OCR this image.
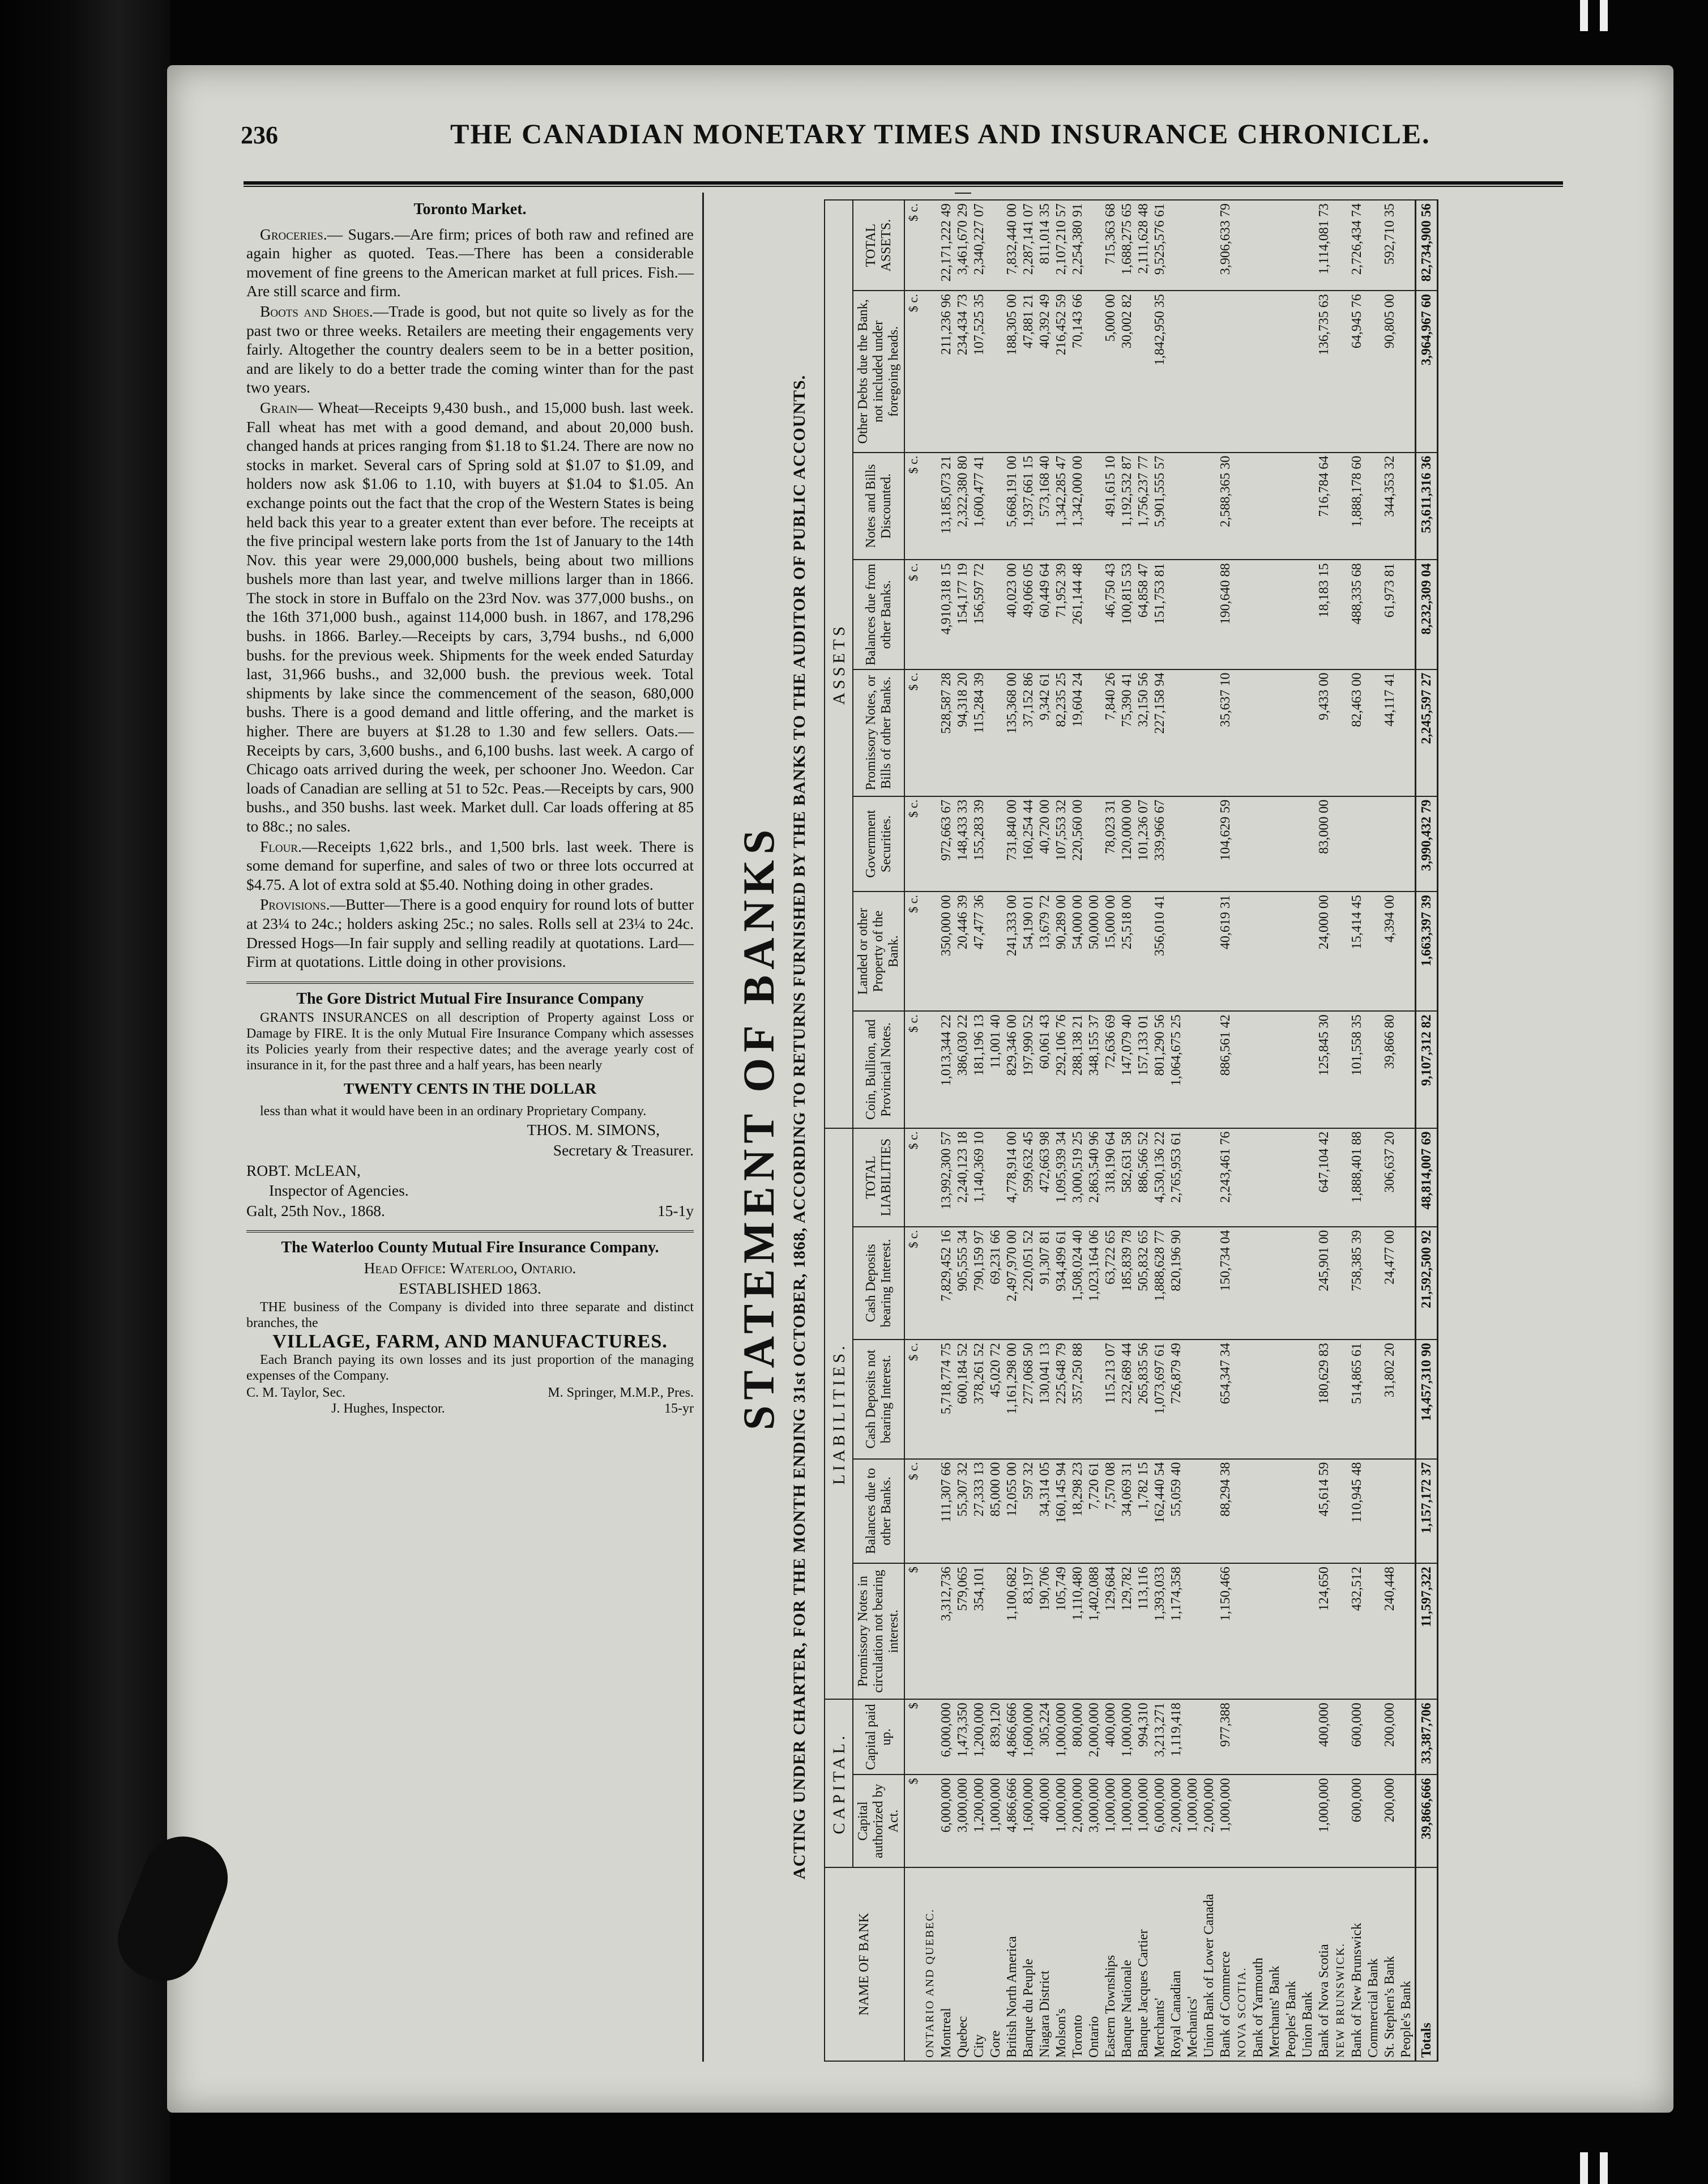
236	THE CANADIAN MONETARY TIMES AND INSURANCE CHRONICLE.

Toronto Market.

Groceries.— Sugars.—Are firm; prices of both raw and refined are again higher as quoted. Teas.—There has been a considerable movement of fine greens to the American market at full prices. Fish.—Are still scarce and firm.

Boots and Shoes.—Trade is good, but not quite so lively as for the past two or three weeks. Retailers are meeting their engagements very fairly. Altogether the country dealers seem to be in a better position, and are likely to do a better trade the coming winter than for the past two years.

Grain— Wheat—Receipts 9,430 bush., and 15,000 bush. last week. Fall wheat has met with a good demand, and about 20,000 bush. changed hands at prices ranging from $1.18 to $1.24. There are now no stocks in market. Several cars of Spring sold at $1.07 to $1.09, and holders now ask $1.06 to 1.10, with buyers at $1.04 to $1.05. An exchange points out the fact that the crop of the Western States is being held back this year to a greater extent than ever before. The receipts at the five principal western lake ports from the 1st of January to the 14th Nov. this year were 29,000,000 bushels, being about two millions bushels more than last year, and twelve millions larger than in 1866. The stock in store in Buffalo on the 23rd Nov. was 377,000 bushs., on the 16th 371,000 bush., against 114,000 bush. in 1867, and 178,296 bushs. in 1866. Barley.—Receipts by cars, 3,794 bushs., nd 6,000 bushs. for the previous week. Shipments for the week ended Saturday last, 31,966 bushs., and 32,000 bush. the previous week. Total shipments by lake since the commencement of the season, 680,000 bushs. There is a good demand and little offering, and the market is higher. There are buyers at $1.28 to 1.30 and few sellers. Oats.—Receipts by cars, 3,600 bushs., and 6,100 bushs. last week. A cargo of Chicago oats arrived during the week, per schooner Jno. Weedon. Car loads of Canadian are selling at 51 to 52c. Peas.—Receipts by cars, 900 bushs., and 350 bushs. last week. Market dull. Car loads offering at 85 to 88c.; no sales.

Flour.—Receipts 1,622 brls., and 1,500 brls. last week. There is some demand for superfine, and sales of two or three lots occurred at $4.75. A lot of extra sold at $5.40. Nothing doing in other grades.

Provisions.—Butter—There is a good enquiry for round lots of butter at 23¼ to 24c.; holders asking 25c.; no sales. Rolls sell at 23¼ to 24c. Dressed Hogs—In fair supply and selling readily at quotations. Lard—Firm at quotations. Little doing in other provisions.

The Gore District Mutual Fire Insurance Company

GRANTS INSURANCES on all description of Property against Loss or Damage by FIRE. It is the only Mutual Fire Insurance Company which assesses its Policies yearly from their respective dates; and the average yearly cost of insurance in it, for the past three and a half years, has been nearly

TWENTY CENTS IN THE DOLLAR

less than what it would have been in an ordinary Proprietary Company.

THOS. M. SIMONS,

Secretary & Treasurer.

ROBT. McLEAN,

Inspector of Agencies.

Galt, 25th Nov., 1868.	15-1y

The Waterloo County Mutual Fire Insurance Company.

Head Office: Waterloo, Ontario.

ESTABLISHED 1863.

THE business of the Company is divided into three separate and distinct branches, the

VILLAGE, FARM, AND MANUFACTURES.

Each Branch paying its own losses and its just proportion of the managing expenses of the Company.

C. M. Taylor, Sec.	M. Springer, M.M.P., Pres.
J. Hughes, Inspector.	15-yr STATEMENT OF BANKS ACTING UNDER CHARTER, FOR THE MONTH ENDING 31st OCTOBER, 1868, ACCORDING TO RETURNS FURNISHED BY THE BANKS TO THE AUDITOR OF PUBLIC ACCOUNTS.
NAME OF BANK	CAPITAL.		LIABILITIES.					ASSETS								
	Capital authorized by Act.	Capital paid up.	Promissory Notes in circulation not bearing interest.	Balances due to other Banks.	Cash Deposits not bearing Interest.	Cash Deposits bearing Interest.	TOTAL LIABILITIES	Coin, Bullion, and Provincial Notes.	Landed or other Property of the Bank.	Government Securities.	Promissory Notes, or Bills of other Banks.	Balances due from other Banks.	Notes and Bills Discounted.	Other Debts due the Bank, not included under foregoing heads.	TOTAL ASSETS.	
	$	$	$	$ c.	$ c.	$ c.	$ c.	$ c.	$ c.	$ c.	$ c.	$ c.	$ c.	$ c.	$ c.	
ONTARIO AND QUEBEC.																
Montreal	6,000,000	6,000,000	3,312,736	111,307 66	5,718,774 75	7,829,452 16	13,992,300 57	1,013,344 22	350,000 00	972,663 67	528,587 28	4,910,318 15	13,185,073 21	211,236 96	22,171,222 49	
Quebec	3,000,000	1,473,350	579,065	55,307 32	600,184 52	905,555 34	2,240,123 18	386,030 22	20,446 39	148,433 33	94,318 20	154,177 19	2,322,380 80	234,434 73	3,461,670 29	
City	1,200,000	1,200,000	354,101	27,333 13	378,261 52	790,159 97	1,140,369 10	181,196 13	47,477 36	155,283 39	115,284 39	156,597 72	1,600,477 41	107,525 35	2,340,227 07	
Gore	1,000,000	839,120		85,000 00	45,020 72	69,231 66		11,001 40								
British North America	4,866,666	4,866,666	1,100,682	12,055 00	1,161,298 00	2,497,970 00	4,778,914 00	829,346 00	241,333 00	731,840 00	135,368 00	40,023 00	5,668,191 00	188,305 00	7,832,440 00	
Banque du Peuple	1,600,000	1,600,000	83,197	597 32	277,068 50	220,051 52	599,632 45	197,990 52	54,190 01	160,254 44	37,152 86	49,066 05	1,937,661 15	47,881 21	2,287,141 07	
Niagara District	400,000	305,224	190,706	34,314 05	130,041 13	91,307 81	472,663 98	60,061 43	13,679 72	40,720 00	9,342 61	60,449 64	573,168 40	40,392 49	811,014 35	
Molson's	1,000,000	1,000,000	105,749	160,145 94	225,648 79	934,499 61	1,095,939 34	292,106 76	90,289 00	107,553 32	82,235 25	71,952 39	1,342,285 47	216,452 59	2,107,210 57	
Toronto	2,000,000	800,000	1,110,480	18,298 23	357,250 88	1,508,024 40	3,000,519 25	288,138 21	54,000 00	220,560 00	19,604 24	261,144 48	1,342,000 00	70,143 66	2,254,380 91	
Ontario	3,000,000	2,000,000	1,402,088	7,720 61		1,023,164 06	2,863,540 96	348,155 37	50,000 00							
Eastern Townships	1,000,000	400,000	129,684	7,570 08	115,213 07	63,722 65	318,190 64	72,636 69	15,000 00	78,023 31	7,840 26	46,750 43	491,615 10	5,000 00	715,363 68	
Banque Nationale	1,000,000	1,000,000	129,782	34,069 31	232,689 44	185,839 78	582,631 58	147,079 40	25,518 00	120,000 00	75,390 41	100,815 53	1,192,532 87	30,002 82	1,688,275 65	
Banque Jacques Cartier	1,000,000	994,310	113,116	1,782 15	265,835 56	505,832 65	886,566 52	157,133 01		101,236 07	32,150 56	64,858 47	1,756,237 77		2,111,628 48	
Merchants'	6,000,000	3,213,271	1,393,033	162,440 54	1,073,697 61	1,888,628 77	4,530,136 22	801,290 56	356,010 41	339,966 67	227,158 94	151,753 81	5,901,555 57	1,842,950 35	9,525,576 61	
Royal Canadian	2,000,000	1,119,418	1,174,358	55,059 40	726,879 49	820,196 90	2,765,953 61	1,064,675 25								
Mechanics'	1,000,000															
Union Bank of Lower Canada	2,000,000															
Bank of Commerce	1,000,000	977,388	1,150,466	88,294 38	654,347 34	150,734 04	2,243,461 76	886,561 42	40,619 31	104,629 59	35,637 10	190,640 88	2,588,365 30		3,906,633 79	
NOVA SCOTIA.																
Bank of Yarmouth																
Merchants' Bank																
Peoples' Bank																
Union Bank																
Bank of Nova Scotia	1,000,000	400,000	124,650	45,614 59	180,629 83	245,901 00	647,104 42	125,845 30	24,000 00	83,000 00	9,433 00	18,183 15	716,784 64	136,735 63	1,114,081 73	
NEW BRUNSWICK.																
Bank of New Brunswick	600,000	600,000	432,512	110,945 48	514,865 61	758,385 39	1,888,401 88	101,558 35	15,414 45		82,463 00	488,335 68	1,888,178 60	64,945 76	2,726,434 74	
Commercial Bank																
St. Stephen's Bank	200,000	200,000	240,448		31,802 20	24,477 00	306,637 20	39,866 80	4,394 00		44,117 41	61,973 81	344,353 32	90,805 00	592,710 35	
People's Bank																
Totals	39,866,666	33,387,706	11,597,322	1,157,172 37	14,457,310 90	21,592,500 92	48,814,007 69	9,107,312 82	1,663,397 39	3,990,432 79	2,245,597 27	8,232,309 04	53,611,316 36	3,964,967 60	82,734,900 56	
